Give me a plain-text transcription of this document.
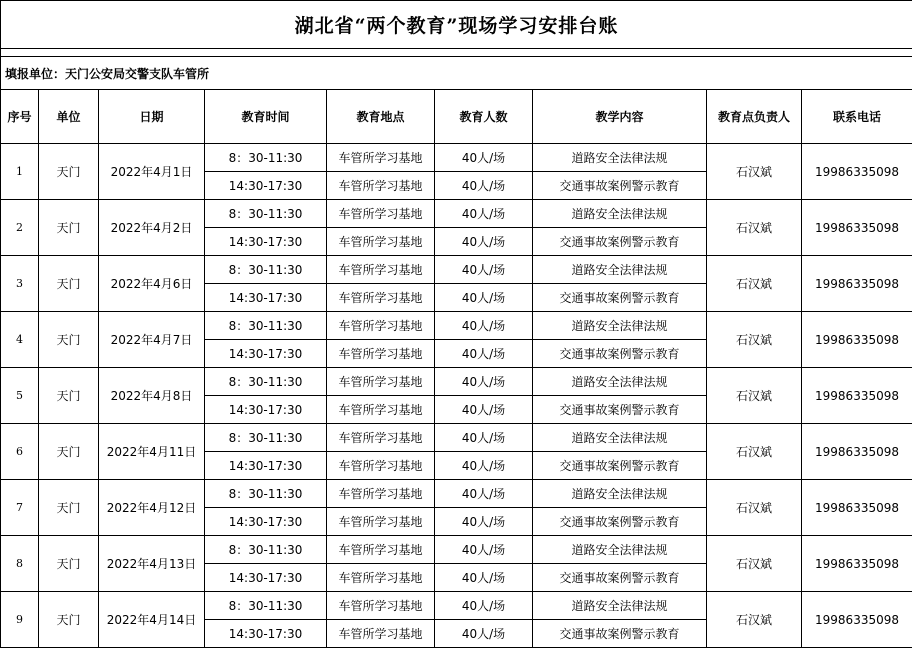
湖北省“两个教育”现场学习安排台账								

填报单位：天门公安局交警支队车管所								
序号	单位	日期	教育时间	教育地点	教育人数	教学内容	教育点负责人	联系电话
1	天门	2022年4月1日	8：30-11:30	车管所学习基地	40人/场	道路安全法律法规	石汉斌	19986335098
			14:30-17:30	车管所学习基地	40人/场	交通事故案例警示教育		
2	天门	2022年4月2日	8：30-11:30	车管所学习基地	40人/场	道路安全法律法规	石汉斌	19986335098
			14:30-17:30	车管所学习基地	40人/场	交通事故案例警示教育		
3	天门	2022年4月6日	8：30-11:30	车管所学习基地	40人/场	道路安全法律法规	石汉斌	19986335098
			14:30-17:30	车管所学习基地	40人/场	交通事故案例警示教育		
4	天门	2022年4月7日	8：30-11:30	车管所学习基地	40人/场	道路安全法律法规	石汉斌	19986335098
			14:30-17:30	车管所学习基地	40人/场	交通事故案例警示教育		
5	天门	2022年4月8日	8：30-11:30	车管所学习基地	40人/场	道路安全法律法规	石汉斌	19986335098
			14:30-17:30	车管所学习基地	40人/场	交通事故案例警示教育		
6	天门	2022年4月11日	8：30-11:30	车管所学习基地	40人/场	道路安全法律法规	石汉斌	19986335098
			14:30-17:30	车管所学习基地	40人/场	交通事故案例警示教育		
7	天门	2022年4月12日	8：30-11:30	车管所学习基地	40人/场	道路安全法律法规	石汉斌	19986335098
			14:30-17:30	车管所学习基地	40人/场	交通事故案例警示教育		
8	天门	2022年4月13日	8：30-11:30	车管所学习基地	40人/场	道路安全法律法规	石汉斌	19986335098
			14:30-17:30	车管所学习基地	40人/场	交通事故案例警示教育		
9	天门	2022年4月14日	8：30-11:30	车管所学习基地	40人/场	道路安全法律法规	石汉斌	19986335098
			14:30-17:30	车管所学习基地	40人/场	交通事故案例警示教育		
